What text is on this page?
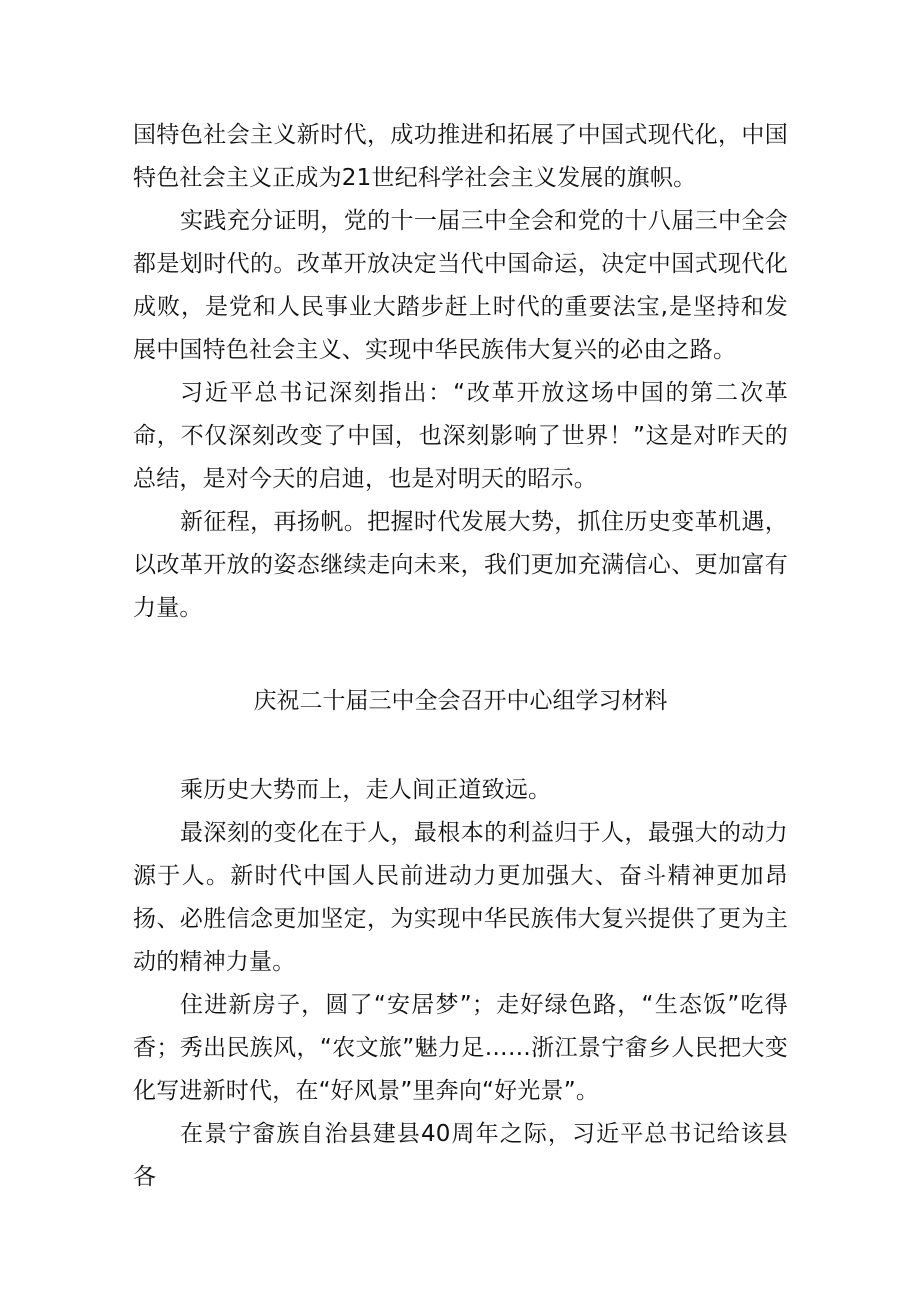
国特色社会主义新时代，成功推进和拓展了中国式现代化，中国特色社会主义正成为21世纪科学社会主义发展的旗帜。

实践充分证明，党的十一届三中全会和党的十八届三中全会都是划时代的。改革开放决定当代中国命运，决定中国式现代化成败，是党和人民事业大踏步赶上时代的重要法宝,是坚持和发展中国特色社会主义、实现中华民族伟大复兴的必由之路。

习近平总书记深刻指出：“改革开放这场中国的第二次革命，不仅深刻改变了中国，也深刻影响了世界！”这是对昨天的总结，是对今天的启迪，也是对明天的昭示。

新征程，再扬帆。把握时代发展大势，抓住历史变革机遇，以改革开放的姿态继续走向未来，我们更加充满信心、更加富有力量。

庆祝二十届三中全会召开中心组学习材料

乘历史大势而上，走人间正道致远。

最深刻的变化在于人，最根本的利益归于人，最强大的动力源于人。新时代中国人民前进动力更加强大、奋斗精神更加昂扬、必胜信念更加坚定，为实现中华民族伟大复兴提供了更为主动的精神力量。

住进新房子，圆了“安居梦”；走好绿色路，“生态饭”吃得香；秀出民族风，“农文旅”魅力足……浙江景宁畲乡人民把大变化写进新时代，在“好风景”里奔向“好光景”。

在景宁畲族自治县建县40周年之际，习近平总书记给该县各
